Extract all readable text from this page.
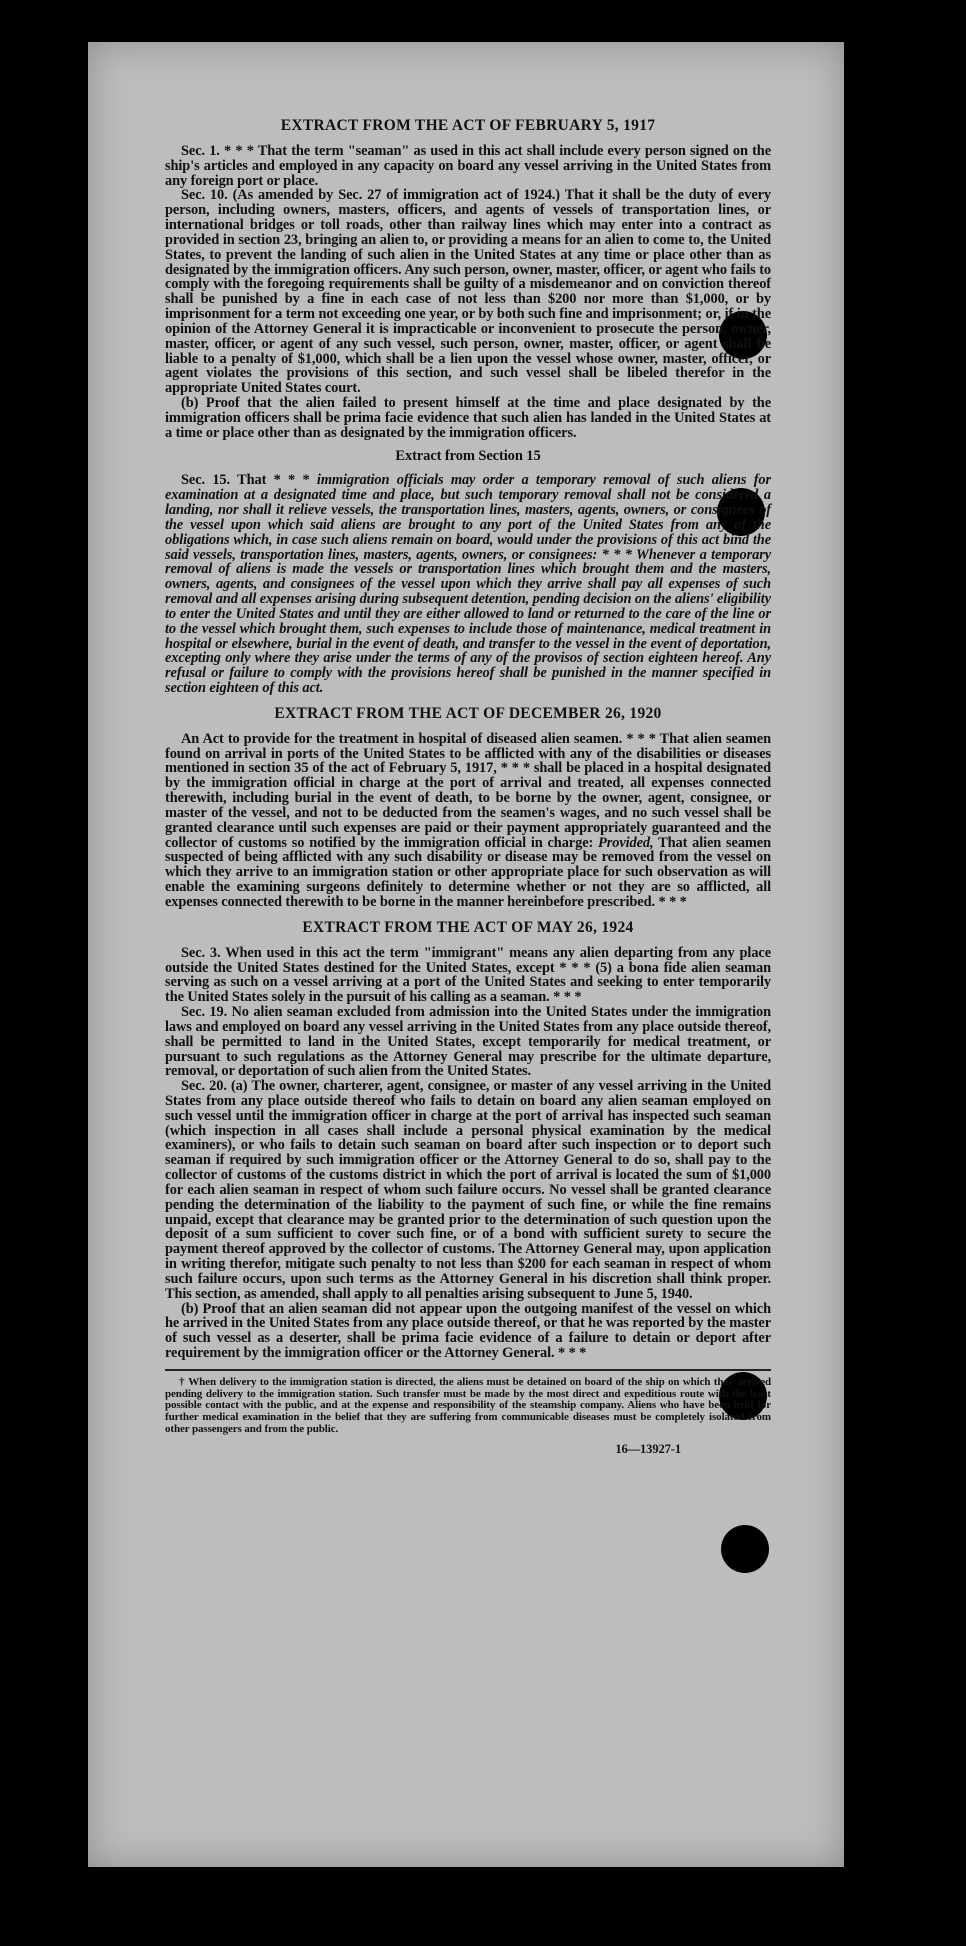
EXTRACT FROM THE ACT OF FEBRUARY 5, 1917

Sec. 1. * * * That the term "seaman" as used in this act shall include every person signed on the ship's articles and employed in any capacity on board any vessel arriving in the United States from any foreign port or place.

Sec. 10. (As amended by Sec. 27 of immigration act of 1924.) That it shall be the duty of every person, including owners, masters, officers, and agents of vessels of transportation lines, or international bridges or toll roads, other than railway lines which may enter into a contract as provided in section 23, bringing an alien to, or providing a means for an alien to come to, the United States, to prevent the landing of such alien in the United States at any time or place other than as designated by the immigration officers. Any such person, owner, master, officer, or agent who fails to comply with the foregoing requirements shall be guilty of a misdemeanor and on conviction thereof shall be punished by a fine in each case of not less than $200 nor more than $1,000, or by imprisonment for a term not exceeding one year, or by both such fine and imprisonment; or, if in the opinion of the Attorney General it is impracticable or inconvenient to prosecute the person, owner, master, officer, or agent of any such vessel, such person, owner, master, officer, or agent shall be liable to a penalty of $1,000, which shall be a lien upon the vessel whose owner, master, officer, or agent violates the provisions of this section, and such vessel shall be libeled therefor in the appropriate United States court.

(b) Proof that the alien failed to present himself at the time and place designated by the immigration officers shall be prima facie evidence that such alien has landed in the United States at a time or place other than as designated by the immigration officers.

Extract from Section 15

Sec. 15. That * * * immigration officials may order a temporary removal of such aliens for examination at a designated time and place, but such temporary removal shall not be considered a landing, nor shall it relieve vessels, the transportation lines, masters, agents, owners, or consignees of the vessel upon which said aliens are brought to any port of the United States from any of the obligations which, in case such aliens remain on board, would under the provisions of this act bind the said vessels, transportation lines, masters, agents, owners, or consignees: * * * Whenever a temporary removal of aliens is made the vessels or transportation lines which brought them and the masters, owners, agents, and consignees of the vessel upon which they arrive shall pay all expenses of such removal and all expenses arising during subsequent detention, pending decision on the aliens' eligibility to enter the United States and until they are either allowed to land or returned to the care of the line or to the vessel which brought them, such expenses to include those of maintenance, medical treatment in hospital or elsewhere, burial in the event of death, and transfer to the vessel in the event of deportation, excepting only where they arise under the terms of any of the provisos of section eighteen hereof. Any refusal or failure to comply with the provisions hereof shall be punished in the manner specified in section eighteen of this act.

EXTRACT FROM THE ACT OF DECEMBER 26, 1920

An Act to provide for the treatment in hospital of diseased alien seamen. * * * That alien seamen found on arrival in ports of the United States to be afflicted with any of the disabilities or diseases mentioned in section 35 of the act of February 5, 1917, * * * shall be placed in a hospital designated by the immigration official in charge at the port of arrival and treated, all expenses connected therewith, including burial in the event of death, to be borne by the owner, agent, consignee, or master of the vessel, and not to be deducted from the seamen's wages, and no such vessel shall be granted clearance until such expenses are paid or their payment appropriately guaranteed and the collector of customs so notified by the immigration official in charge: Provided, That alien seamen suspected of being afflicted with any such disability or disease may be removed from the vessel on which they arrive to an immigration station or other appropriate place for such observation as will enable the examining surgeons definitely to determine whether or not they are so afflicted, all expenses connected therewith to be borne in the manner hereinbefore prescribed. * * *

EXTRACT FROM THE ACT OF MAY 26, 1924

Sec. 3. When used in this act the term "immigrant" means any alien departing from any place outside the United States destined for the United States, except * * * (5) a bona fide alien seaman serving as such on a vessel arriving at a port of the United States and seeking to enter temporarily the United States solely in the pursuit of his calling as a seaman. * * *

Sec. 19. No alien seaman excluded from admission into the United States under the immigration laws and employed on board any vessel arriving in the United States from any place outside thereof, shall be permitted to land in the United States, except temporarily for medical treatment, or pursuant to such regulations as the Attorney General may prescribe for the ultimate departure, removal, or deportation of such alien from the United States.

Sec. 20. (a) The owner, charterer, agent, consignee, or master of any vessel arriving in the United States from any place outside thereof who fails to detain on board any alien seaman employed on such vessel until the immigration officer in charge at the port of arrival has inspected such seaman (which inspection in all cases shall include a personal physical examination by the medical examiners), or who fails to detain such seaman on board after such inspection or to deport such seaman if required by such immigration officer or the Attorney General to do so, shall pay to the collector of customs of the customs district in which the port of arrival is located the sum of $1,000 for each alien seaman in respect of whom such failure occurs. No vessel shall be granted clearance pending the determination of the liability to the payment of such fine, or while the fine remains unpaid, except that clearance may be granted prior to the determination of such question upon the deposit of a sum sufficient to cover such fine, or of a bond with sufficient surety to secure the payment thereof approved by the collector of customs. The Attorney General may, upon application in writing therefor, mitigate such penalty to not less than $200 for each seaman in respect of whom such failure occurs, upon such terms as the Attorney General in his discretion shall think proper. This section, as amended, shall apply to all penalties arising subsequent to June 5, 1940.

(b) Proof that an alien seaman did not appear upon the outgoing manifest of the vessel on which he arrived in the United States from any place outside thereof, or that he was reported by the master of such vessel as a deserter, shall be prima facie evidence of a failure to detain or deport after requirement by the immigration officer or the Attorney General. * * *

† When delivery to the immigration station is directed, the aliens must be detained on board of the ship on which they arrived pending delivery to the immigration station. Such transfer must be made by the most direct and expeditious route with the least possible contact with the public, and at the expense and responsibility of the steamship company. Aliens who have been held for further medical examination in the belief that they are suffering from communicable diseases must be completely isolated from other passengers and from the public.

16—13927-1
